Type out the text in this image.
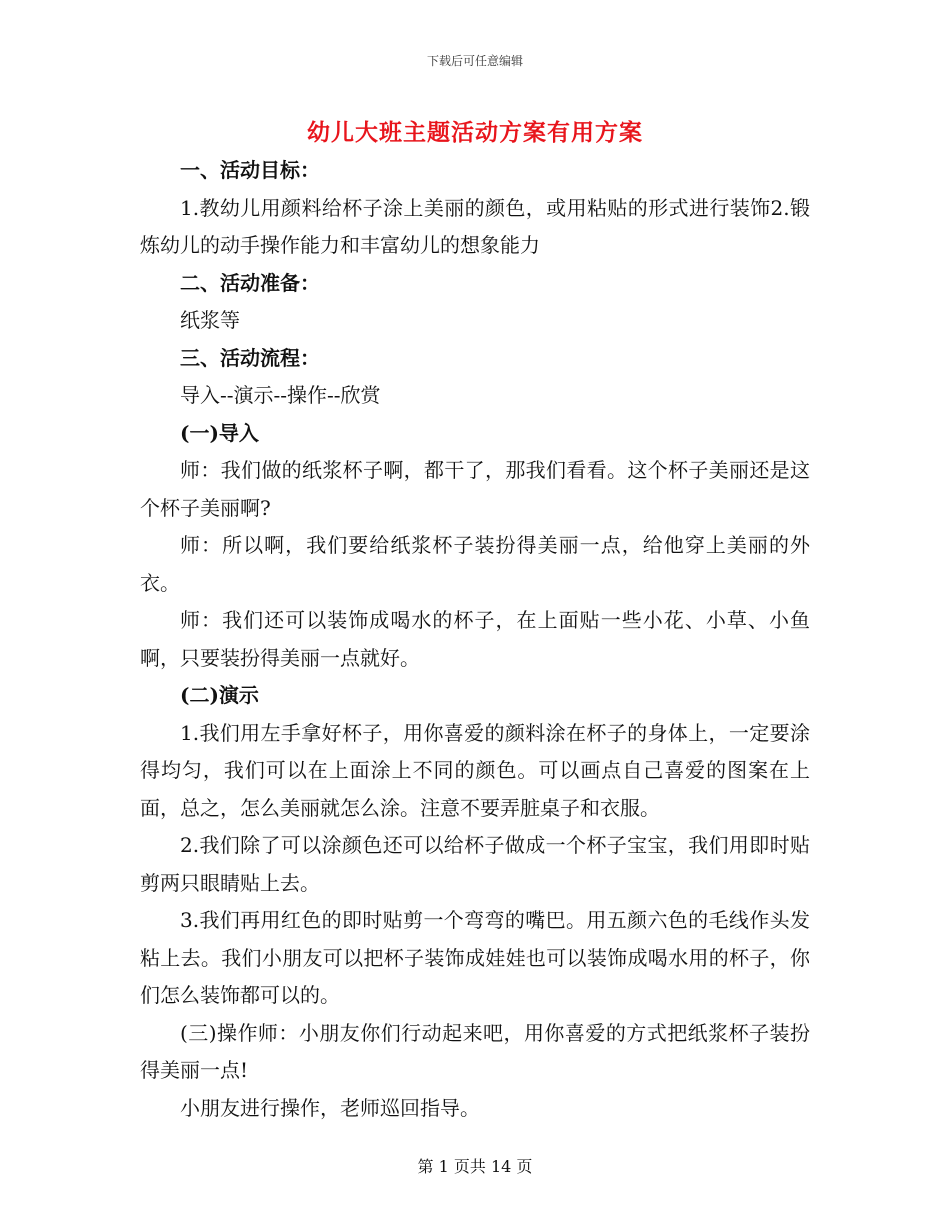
下载后可任意编辑
幼儿大班主题活动方案有用方案

一、活动目标：

1.教幼儿用颜料给杯子涂上美丽的颜色，或用粘贴的形式进行装饰2.锻炼幼儿的动手操作能力和丰富幼儿的想象能力

二、活动准备：

纸浆等

三、活动流程：

导入--演示--操作--欣赏

(一)导入

师：我们做的纸浆杯子啊，都干了，那我们看看。这个杯子美丽还是这个杯子美丽啊?

师：所以啊，我们要给纸浆杯子装扮得美丽一点，给他穿上美丽的外衣。

师：我们还可以装饰成喝水的杯子，在上面贴一些小花、小草、小鱼啊，只要装扮得美丽一点就好。

(二)演示

1.我们用左手拿好杯子，用你喜爱的颜料涂在杯子的身体上，一定要涂得均匀，我们可以在上面涂上不同的颜色。可以画点自己喜爱的图案在上面，总之，怎么美丽就怎么涂。注意不要弄脏桌子和衣服。

2.我们除了可以涂颜色还可以给杯子做成一个杯子宝宝，我们用即时贴剪两只眼睛贴上去。

3.我们再用红色的即时贴剪一个弯弯的嘴巴。用五颜六色的毛线作头发粘上去。我们小朋友可以把杯子装饰成娃娃也可以装饰成喝水用的杯子，你们怎么装饰都可以的。

(三)操作师：小朋友你们行动起来吧，用你喜爱的方式把纸浆杯子装扮得美丽一点!

小朋友进行操作，老师巡回指导。

第 1 页共 14 页
